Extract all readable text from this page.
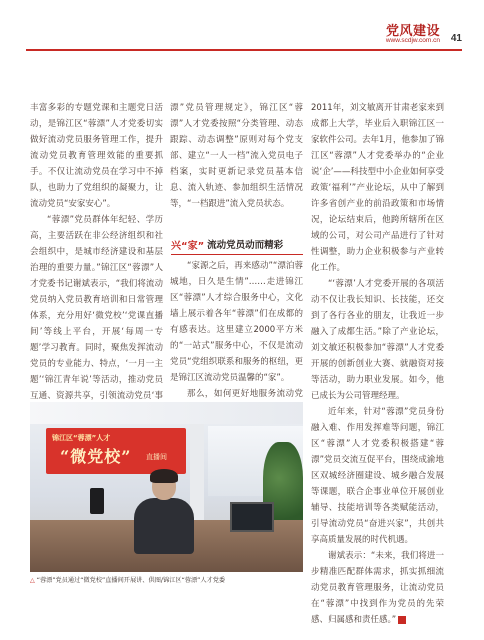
党风建设
www.scdjw.com.cn 41

丰富多彩的专题党课和主题党日活动，是锦江区“蓉漂”人才党委切实做好流动党员服务管理工作，提升流动党员教育管理效能的重要抓手。不仅让流动党员在学习中不掉队，也助力了党组织的凝聚力，让流动党员“安家安心”。

“蓉漂”党员群体年纪轻、学历高，主要活跃在非公经济组织和社会组织中，是城市经济建设和基层治理的重要力量。”锦江区“蓉漂”人才党委书记谢斌表示，“我们将流动党员纳入党员教育培训和日常管理体系，充分用好‘微党校’‘党课直播间’等线上平台，开展‘每周一专题’学习教育。同时，聚焦发挥流动党员的专业能力、特点，‘一月一主题’‘锦江青年说’等活动，推动党员互通、资源共享，引领流动党员‘事

漂”党员管理规定》，锦江区“蓉漂”人才党委按照“分类管理、动态跟踪、动态调整”原则对每个党支部、建立“一人一档”流入党员电子档案，实时更新记录党员基本信息、流入轨迹、参加组织生活情况等，“一档跟进”流入党员状态。

兴“家” 流动党员动而精彩

“家源之后，再来感动”“漂泊蓉城地，日久是生情”……走进锦江区“蓉漂”人才综合服务中心，文化墙上展示着各年“蓉漂”们在成都的有感表达。这里建立2000平方米的“一站式”服务中心，不仅是流动党员“党组织联系和服务的枢纽，更是锦江区流动党员温馨的“家”。

那么，如何更好地服务流动党

2011年，刘文敏离开甘肃老家来到成都上大学，毕业后入职锦江区一家软件公司。去年1月，他参加了锦江区“蓉漂”人才党委举办的“企业说‘企’——科技型中小企业如何享受政策‘福利’”产业论坛，从中了解到许多省创产业的前沿政策和市场情况，论坛结束后，他跨所辖所在区域的公司，对公司产品进行了针对性调整，助力企业积极参与产业转化工作。

“‘蓉漂’人才党委开展的各项活动不仅让我长知识、长技能，还交到了各行各业的朋友，让我近一步融入了成都生活。”除了产业论坛，刘文敏还积极参加“蓉漂”人才党委开展的创新创业大赛、就融资对接等活动，助力职业发展。如今，他已成长为公司管理经理。

近年来，针对“蓉漂”党员身份融入难、作用发挥难等问题，锦江区“蓉漂”人才党委积极搭建“蓉漂”党员交流互促平台，围绕成渝地区双城经济圈建设、城乡融合发展等课题，联合企事业单位开展创业辅导、技能培训等各类赋能活动，引导流动党员“奋进兴家”，共创共享高质量发展的时代机遇。

谢斌表示：“未来，我们将进一步精准匹配群体需求，抓实抓细流动党员教育管理服务，让流动党员在“蓉漂”中找到作为党员的先荣感、归属感和责任感。”

锦江区“蓉漂”人才
“微党校” 直播间
△ “蓉漂”党员通过“微党校”直播间开展讲、供图/锦江区“蓉漂”人才党委
